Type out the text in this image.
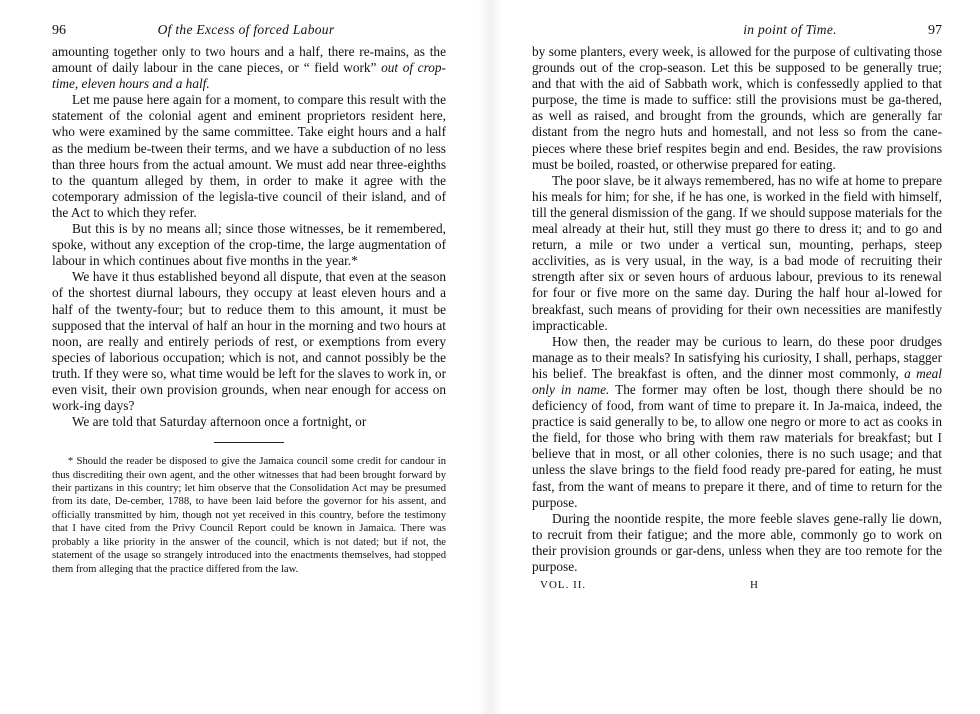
96	Of the Excess of forced Labour

amounting together only to two hours and a half, there re-mains, as the amount of daily labour in the cane pieces, or “ field work” out of crop-time, eleven hours and a half.

Let me pause here again for a moment, to compare this result with the statement of the colonial agent and eminent proprietors resident here, who were examined by the same committee. Take eight hours and a half as the medium be-tween their terms, and we have a subduction of no less than three hours from the actual amount. We must add near three-eighths to the quantum alleged by them, in order to make it agree with the cotemporary admission of the legisla-tive council of their island, and of the Act to which they refer.

But this is by no means all; since those witnesses, be it remembered, spoke, without any exception of the crop-time, the large augmentation of labour in which continues about five months in the year.*

We have it thus established beyond all dispute, that even at the season of the shortest diurnal labours, they occupy at least eleven hours and a half of the twenty-four; but to reduce them to this amount, it must be supposed that the interval of half an hour in the morning and two hours at noon, are really and entirely periods of rest, or exemptions from every species of laborious occupation; which is not, and cannot possibly be the truth. If they were so, what time would be left for the slaves to work in, or even visit, their own provision grounds, when near enough for access on work-ing days?

We are told that Saturday afternoon once a fortnight, or

* Should the reader be disposed to give the Jamaica council some credit for candour in thus discrediting their own agent, and the other witnesses that had been brought forward by their partizans in this country; let him observe that the Consolidation Act may be presumed from its date, De-cember, 1788, to have been laid before the governor for his assent, and officially transmitted by him, though not yet received in this country, before the testimony that I have cited from the Privy Council Report could be known in Jamaica. There was probably a like priority in the answer of the council, which is not dated; but if not, the statement of the usage so strangely introduced into the enactments themselves, had stopped them from alleging that the practice differed from the law.

in point of Time.	97

by some planters, every week, is allowed for the purpose of cultivating those grounds out of the crop-season. Let this be supposed to be generally true; and that with the aid of Sabbath work, which is confessedly applied to that purpose, the time is made to suffice: still the provisions must be ga-thered, as well as raised, and brought from the grounds, which are generally far distant from the negro huts and homestall, and not less so from the cane-pieces where these brief respites begin and end. Besides, the raw provisions must be boiled, roasted, or otherwise prepared for eating.

The poor slave, be it always remembered, has no wife at home to prepare his meals for him; for she, if he has one, is worked in the field with himself, till the general dismission of the gang. If we should suppose materials for the meal already at their hut, still they must go there to dress it; and to go and return, a mile or two under a vertical sun, mounting, perhaps, steep acclivities, as is very usual, in the way, is a bad mode of recruiting their strength after six or seven hours of arduous labour, previous to its renewal for four or five more on the same day. During the half hour al-lowed for breakfast, such means of providing for their own necessities are manifestly impracticable.

How then, the reader may be curious to learn, do these poor drudges manage as to their meals? In satisfying his curiosity, I shall, perhaps, stagger his belief. The breakfast is often, and the dinner most commonly, a meal only in name. The former may often be lost, though there should be no deficiency of food, from want of time to prepare it. In Ja-maica, indeed, the practice is said generally to be, to allow one negro or more to act as cooks in the field, for those who bring with them raw materials for breakfast; but I believe that in most, or all other colonies, there is no such usage; and that unless the slave brings to the field food ready pre-pared for eating, he must fast, from the want of means to prepare it there, and of time to return for the purpose.

During the noontide respite, the more feeble slaves gene-rally lie down, to recruit from their fatigue; and the more able, commonly go to work on their provision grounds or gar-dens, unless when they are too remote for the purpose.

VOL. II.	H
